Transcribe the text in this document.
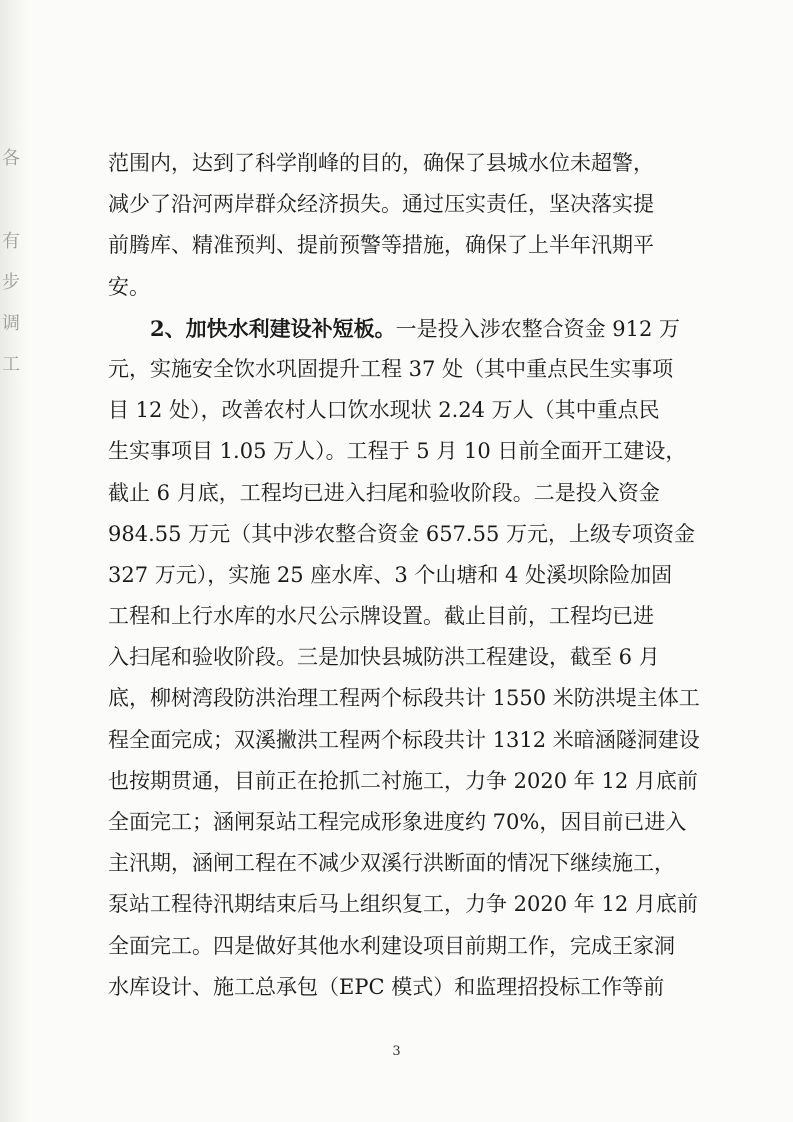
各
有
步
调
工
范围内，达到了科学削峰的目的，确保了县城水位未超警，
减少了沿河两岸群众经济损失。通过压实责任，坚决落实提
前腾库、精准预判、提前预警等措施，确保了上半年汛期平
安。
2、加快水利建设补短板。一是投入涉农整合资金 912 万
元，实施安全饮水巩固提升工程 37 处（其中重点民生实事项
目 12 处），改善农村人口饮水现状 2.24 万人（其中重点民
生实事项目 1.05 万人）。工程于 5 月 10 日前全面开工建设，
截止 6 月底，工程均已进入扫尾和验收阶段。二是投入资金
984.55 万元（其中涉农整合资金 657.55 万元，上级专项资金
327 万元），实施 25 座水库、3 个山塘和 4 处溪坝除险加固
工程和上行水库的水尺公示牌设置。截止目前，工程均已进
入扫尾和验收阶段。三是加快县城防洪工程建设，截至 6 月
底，柳树湾段防洪治理工程两个标段共计 1550 米防洪堤主体工
程全面完成；双溪撇洪工程两个标段共计 1312 米暗涵隧洞建设
也按期贯通，目前正在抢抓二衬施工，力争 2020 年 12 月底前
全面完工；涵闸泵站工程完成形象进度约 70%，因目前已进入
主汛期，涵闸工程在不减少双溪行洪断面的情况下继续施工，
泵站工程待汛期结束后马上组织复工，力争 2020 年 12 月底前
全面完工。四是做好其他水利建设项目前期工作，完成王家洞
水库设计、施工总承包（EPC 模式）和监理招投标工作等前
3
